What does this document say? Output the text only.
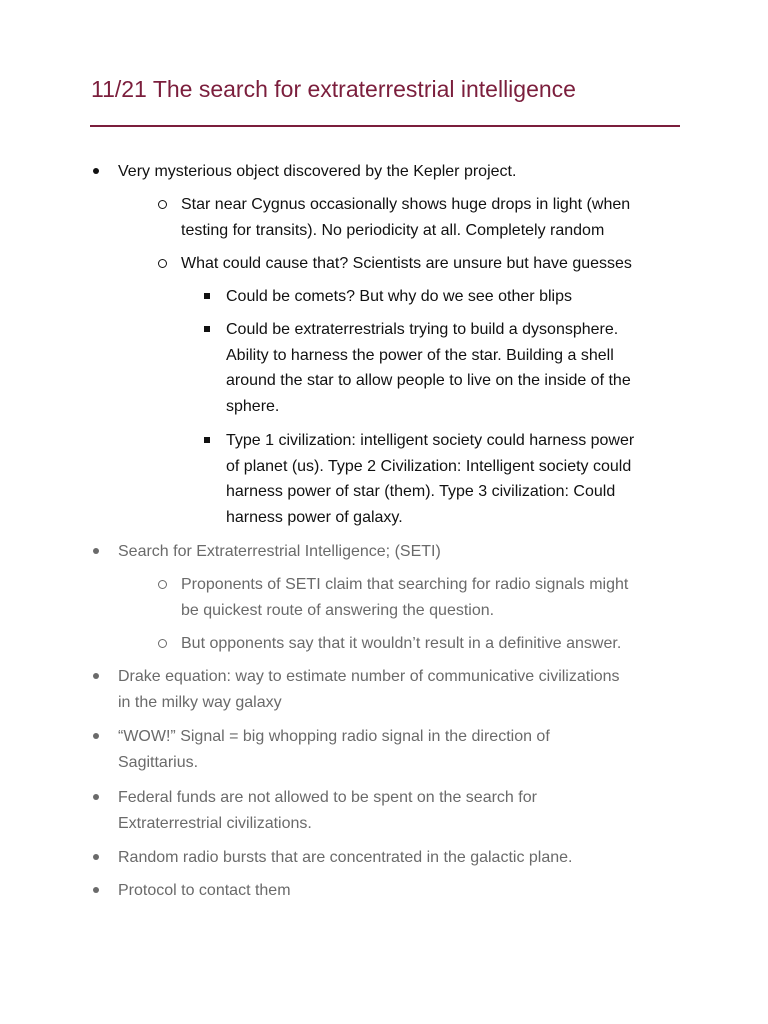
11/21 The search for extraterrestrial intelligence
Very mysterious object discovered by the Kepler project.
Star near Cygnus occasionally shows huge drops in light (when
testing for transits). No periodicity at all. Completely random
What could cause that? Scientists are unsure but have guesses
Could be comets? But why do we see other blips
Could be extraterrestrials trying to build a dysonsphere.
Ability to harness the power of the star. Building a shell
around the star to allow people to live on the inside of the
sphere.
Type 1 civilization: intelligent society could harness power
of planet (us). Type 2 Civilization: Intelligent society could
harness power of star (them). Type 3 civilization: Could
harness power of galaxy.
Search for Extraterrestrial Intelligence; (SETI)
Proponents of SETI claim that searching for radio signals might
be quickest route of answering the question.
But opponents say that it wouldn’t result in a definitive answer.
Drake equation: way to estimate number of communicative civilizations
in the milky way galaxy
“WOW!” Signal = big whopping radio signal in the direction of
Sagittarius.
Federal funds are not allowed to be spent on the search for
Extraterrestrial civilizations.
Random radio bursts that are concentrated in the galactic plane.
Protocol to contact them
